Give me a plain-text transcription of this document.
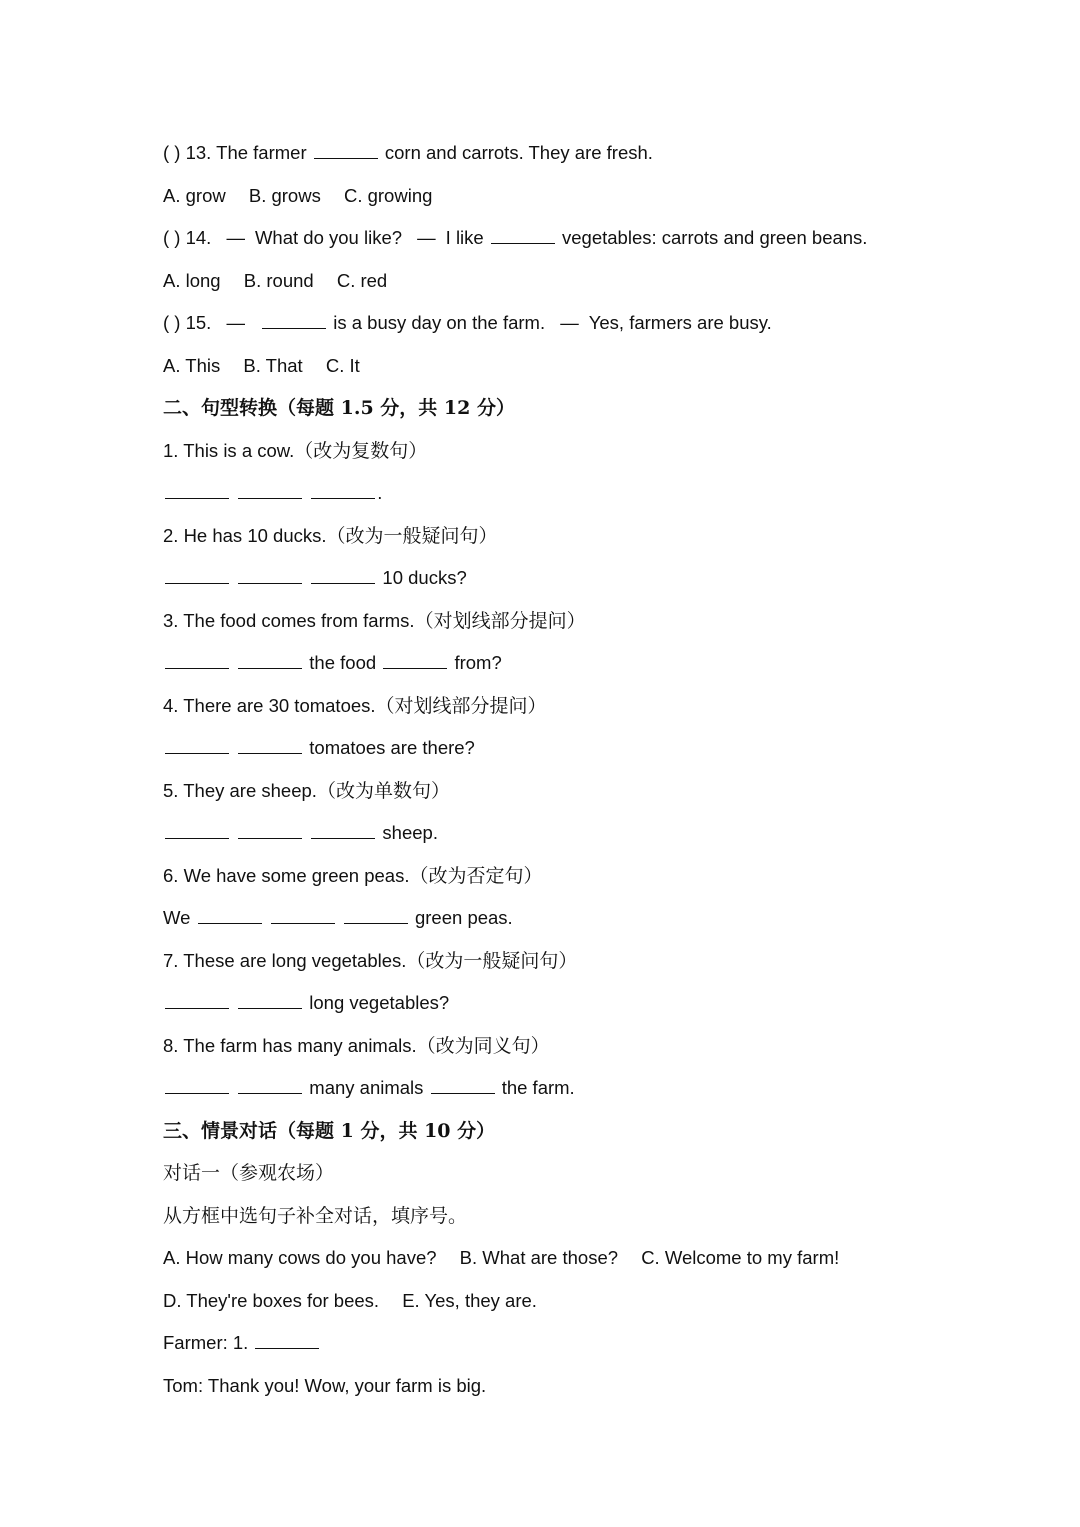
( ) 13. The farmer	corn and carrots. They are fresh.
A. grow B. grows C. growing
( ) 14. — What do you like? — I like	vegetables: carrots and green beans.
A. long B. round C. red
( ) 15. —	is a busy day on the farm. — Yes, farmers are busy.
A. This B. That C. It
二、句型转换（每题 1.5 分，共 12 分）
1. This is a cow.（改为复数句）
.
2. He has 10 ducks.（改为一般疑问句）
10 ducks?
3. The food comes from farms.（对划线部分提问）
the food	from?
4. There are 30 tomatoes.（对划线部分提问）
tomatoes are there?
5. They are sheep.（改为单数句）
sheep.
6. We have some green peas.（改为否定句）
We	green peas.
7. These are long vegetables.（改为一般疑问句）
long vegetables?
8. The farm has many animals.（改为同义句）
many animals	the farm.
三、情景对话（每题 1 分，共 10 分）
对话一（参观农场）
从方框中选句子补全对话，填序号。
A. How many cows do you have? B. What are those? C. Welcome to my farm!
D. They're boxes for bees. E. Yes, they are.
Farmer: 1.
Tom: Thank you! Wow, your farm is big.
